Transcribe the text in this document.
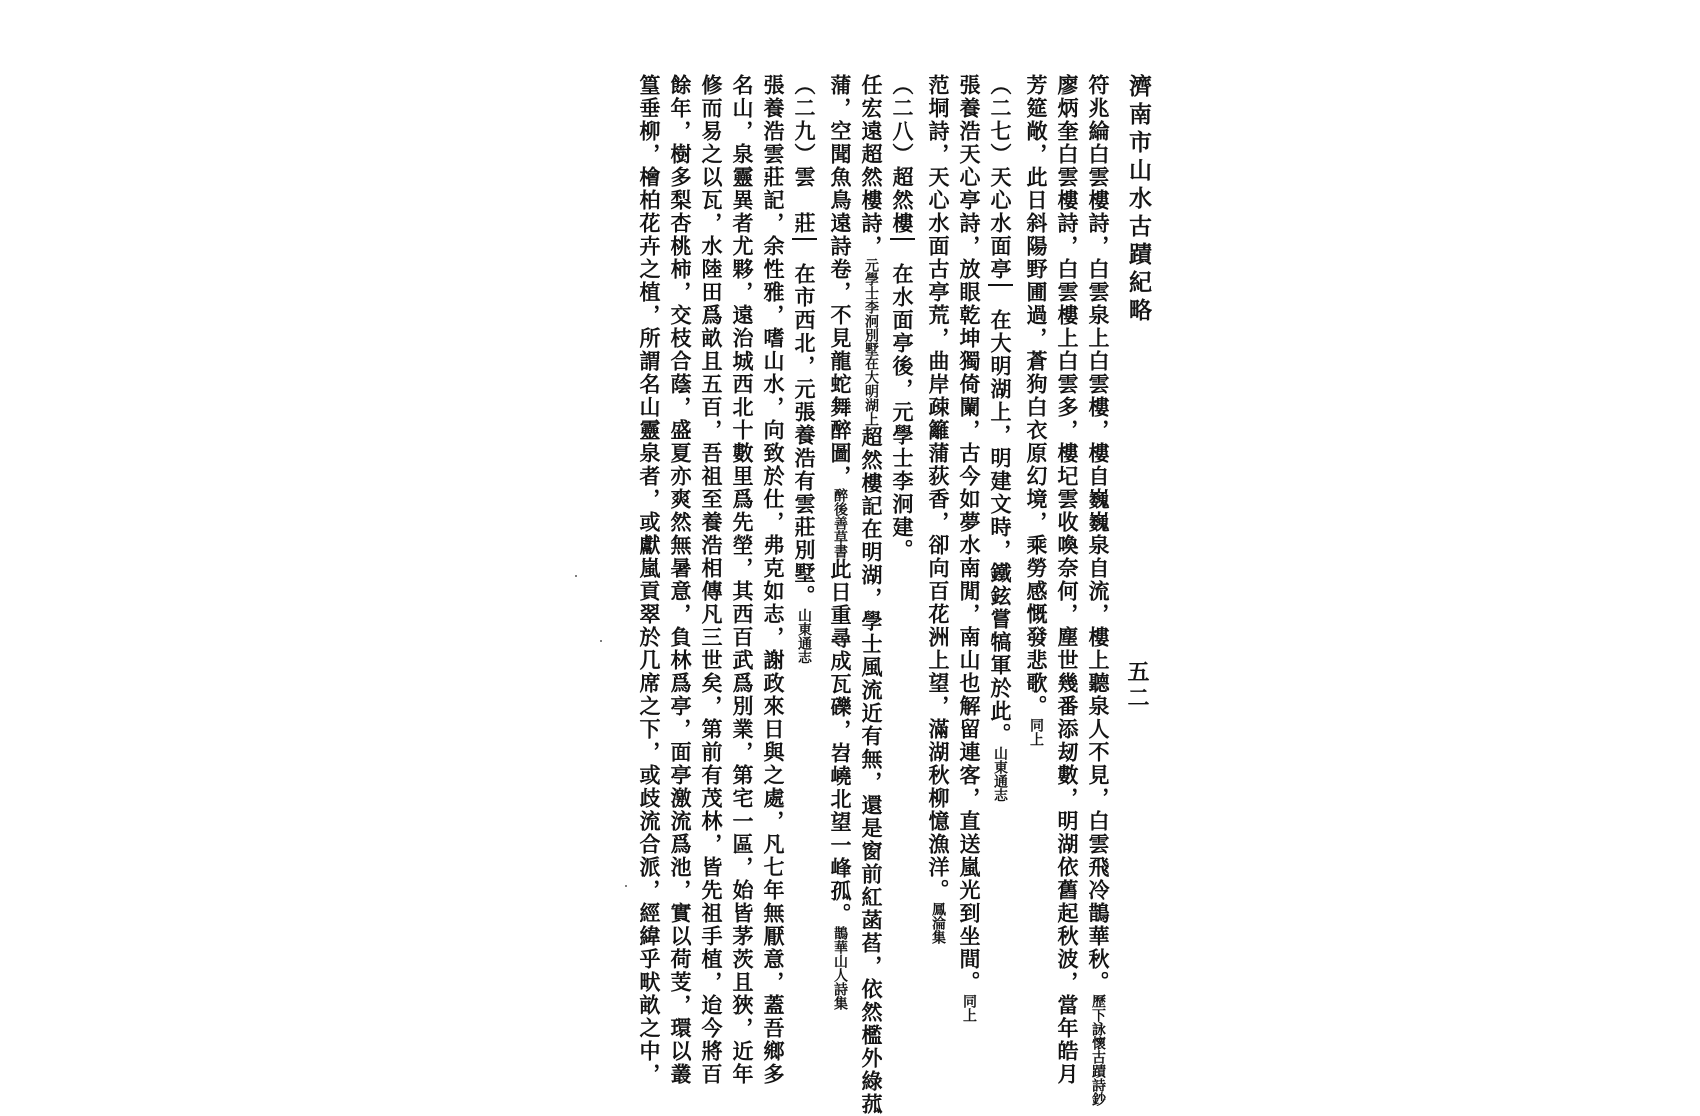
濟南市山水古蹟紀略
五二
符兆綸白雲樓詩，白雲泉上白雲樓，樓自巍巍泉自流，樓上聽泉人不見，白雲飛冷鵲華秋。歷下詠懷古蹟詩鈔
廖炳奎白雲樓詩，白雲樓上白雲多，樓圮雲收喚奈何，塵世幾番添刼數，明湖依舊起秋波，當年皓月
芳筵敞，此日斜陽野圃過，蒼狗白衣原幻境，乘勞感慨發悲歌。同上
（二七）天心水面亭　在大明湖上，明建文時，鐵鉉嘗犒軍於此。山東通志
張養浩天心亭詩，放眼乾坤獨倚闌，古今如夢水南閒，南山也解留連客，直送嵐光到坐間。同上
范垌詩，天心水面古亭荒，曲岸疎籬蒲荻香，卻向百花洲上望，滿湖秋柳憶漁洋。鳳淪集
（二八）超然樓　在水面亭後，元學士李泂建。
任宏遠超然樓詩，元學士李泂別墅在大明湖上超然樓記在明湖，學士風流近有無，還是窗前紅菡萏，依然檻外綠菰
蒲，空聞魚鳥遠詩卷，不見龍蛇舞醉圖，醉後善草書此日重尋成瓦礫，岧嶢北望一峰孤。鵲華山人詩集
（二九）雲　莊　在市西北，元張養浩有雲莊別墅。山東通志
張養浩雲莊記，余性雅，嗜山水，向致於仕，弗克如志，謝政來日與之處，凡七年無厭意，蓋吾鄉多
名山，泉靈異者尤夥，遠治城西北十數里爲先塋，其西百武爲別業，第宅一區，始皆茅茨且狹，近年
修而易之以瓦，水陸田爲畝且五百，吾祖至養浩相傳凡三世矣，第前有茂林，皆先祖手植，迨今將百
餘年，樹多梨杏桃柿，交枝合蔭，盛夏亦爽然無暑意，負林爲亭，面亭激流爲池，實以荷芰，環以叢
篁垂柳，檜柏花卉之植，所謂名山靈泉者，或獻嵐貢翠於几席之下，或歧流合派，經緯乎畎畝之中，
